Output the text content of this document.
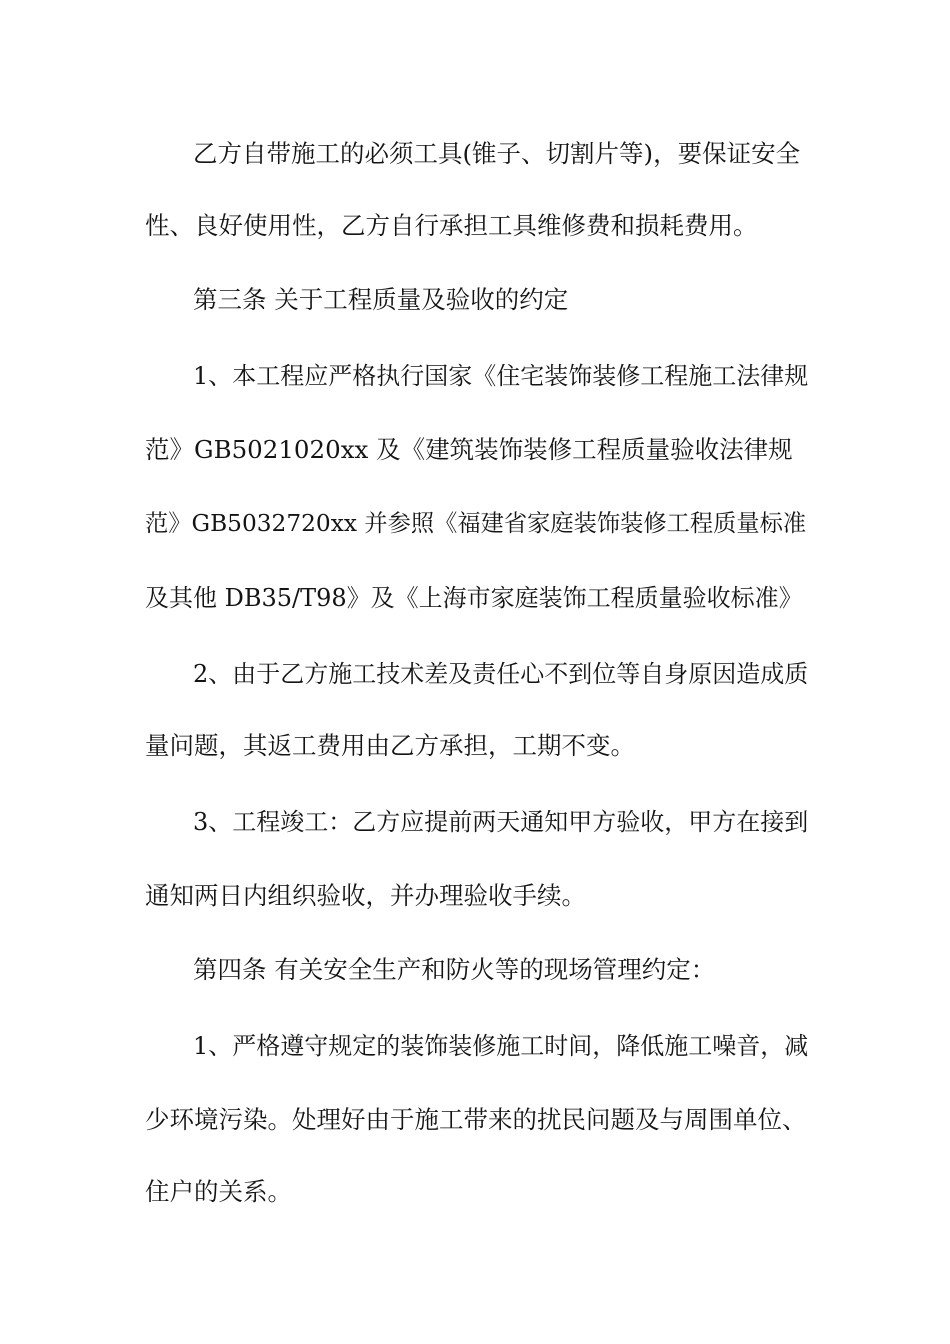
乙方自带施工的必须工具(锥子、切割片等)，要保证安全
性、良好使用性，乙方自行承担工具维修费和损耗费用。
第三条 关于工程质量及验收的约定
1、本工程应严格执行国家《住宅装饰装修工程施工法律规
范》GB5021020xx 及《建筑装饰装修工程质量验收法律规
范》GB5032720xx 并参照《福建省家庭装饰装修工程质量标准
及其他 DB35/T98》及《上海市家庭装饰工程质量验收标准》
2、由于乙方施工技术差及责任心不到位等自身原因造成质
量问题，其返工费用由乙方承担，工期不变。
3、工程竣工：乙方应提前两天通知甲方验收，甲方在接到
通知两日内组织验收，并办理验收手续。
第四条 有关安全生产和防火等的现场管理约定：
1、严格遵守规定的装饰装修施工时间，降低施工噪音，减
少环境污染。处理好由于施工带来的扰民问题及与周围单位、
住户的关系。
